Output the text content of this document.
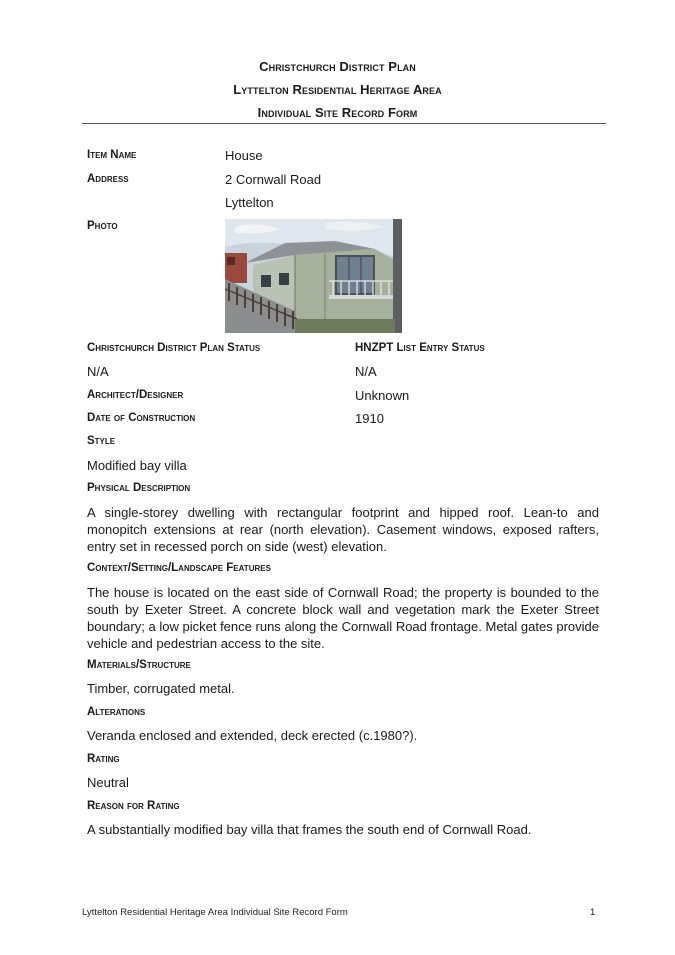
Christchurch District Plan
Lyttelton Residential Heritage Area
Individual Site Record Form
Item Name	House
Address	2 Cornwall Road
Lyttelton
Photo
Christchurch District Plan Status	HNZPT List Entry Status
N/A	N/A
Architect/Designer	Unknown
Date of Construction	1910
Style
Modified bay villa
Physical Description
A single-storey dwelling with rectangular footprint and hipped roof. Lean-to and monopitch extensions at rear (north elevation). Casement windows, exposed rafters, entry set in recessed porch on side (west) elevation.
Context/Setting/Landscape Features
The house is located on the east side of Cornwall Road; the property is bounded to the south by Exeter Street. A concrete block wall and vegetation mark the Exeter Street boundary; a low picket fence runs along the Cornwall Road frontage. Metal gates provide vehicle and pedestrian access to the site.
Materials/Structure
Timber, corrugated metal.
Alterations
Veranda enclosed and extended, deck erected (c.1980?).
Rating
Neutral
Reason for Rating
A substantially modified bay villa that frames the south end of Cornwall Road.
Lyttelton Residential Heritage Area Individual Site Record Form	1
